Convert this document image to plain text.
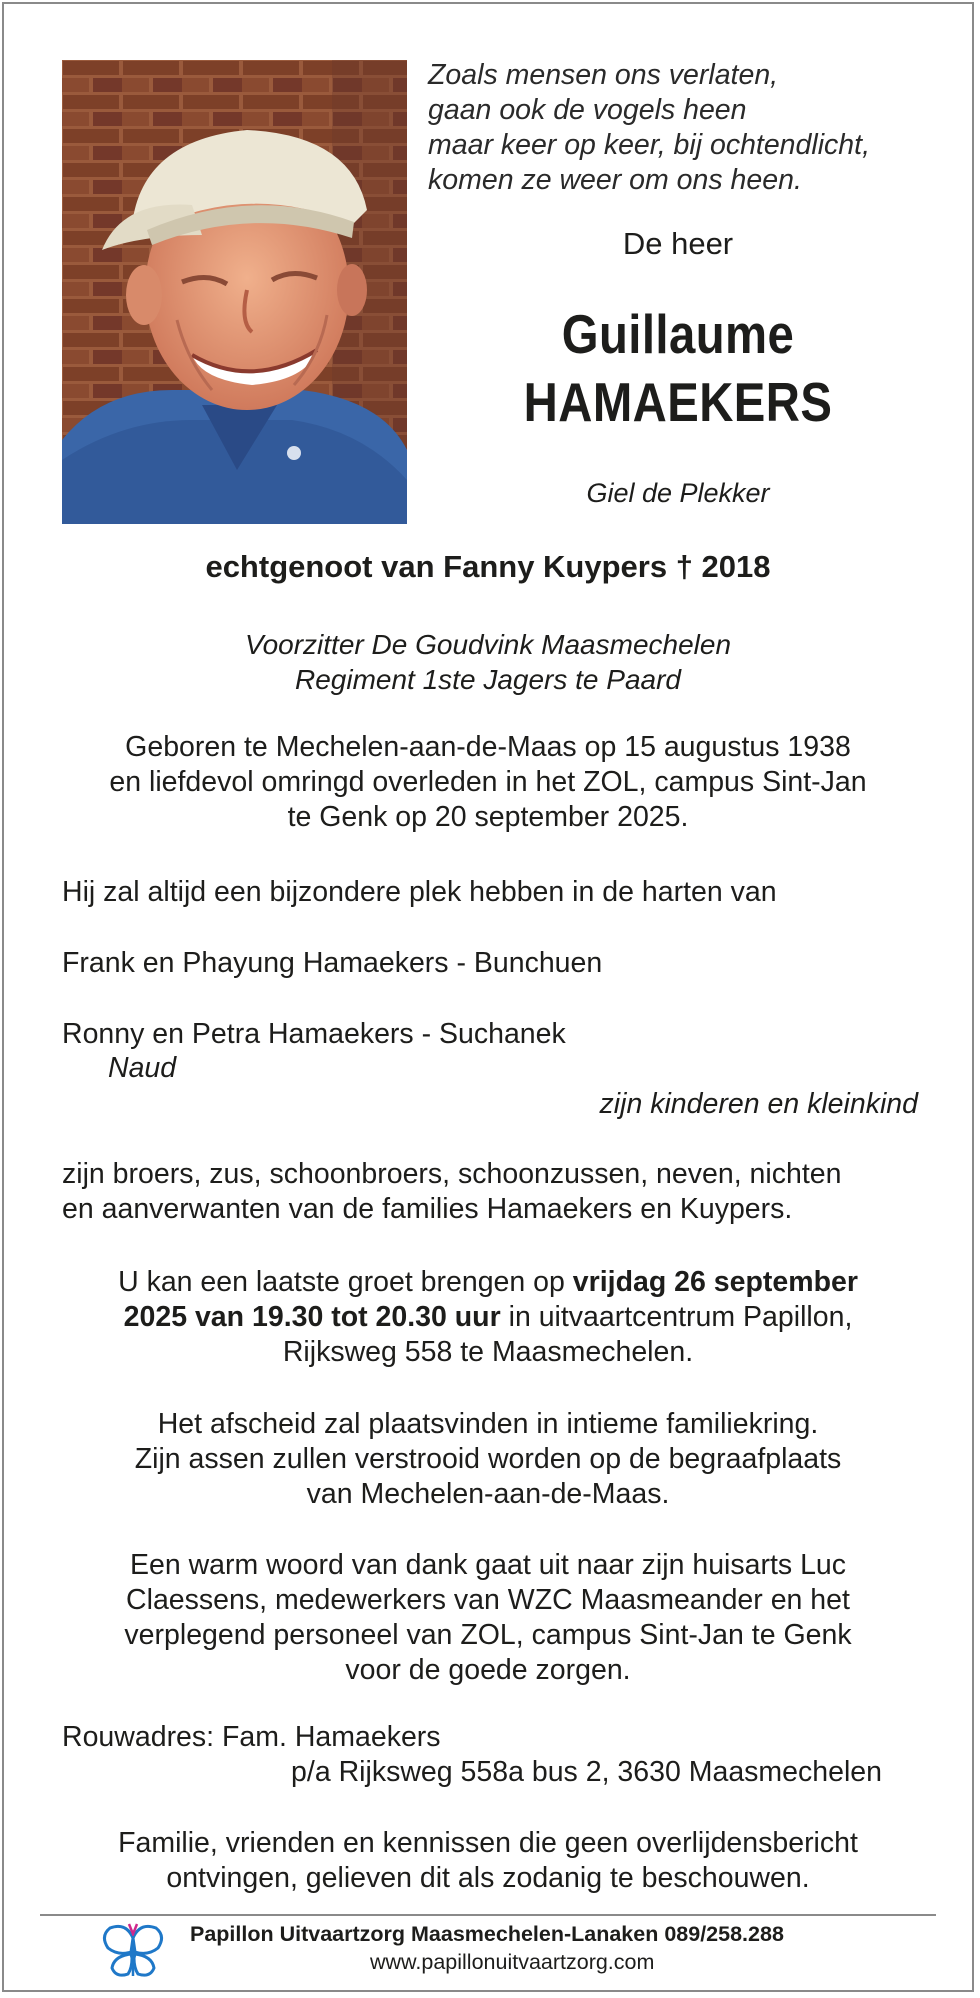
Zoals mensen ons verlaten,
gaan ook de vogels heen
maar keer op keer, bij ochtendlicht,
komen ze weer om ons heen.
De heer
Guillaume
HAMAEKERS
Giel de Plekker
echtgenoot van Fanny Kuypers † 2018
Voorzitter De Goudvink Maasmechelen
Regiment 1ste Jagers te Paard
Geboren te Mechelen-aan-de-Maas op 15 augustus 1938
en liefdevol omringd overleden in het ZOL, campus Sint-Jan
te Genk op 20 september 2025.
Hij zal altijd een bijzondere plek hebben in de harten van
Frank en Phayung Hamaekers - Bunchuen
Ronny en Petra Hamaekers - Suchanek
Naud
zijn kinderen en kleinkind
zijn broers, zus, schoonbroers, schoonzussen, neven, nichten
en aanverwanten van de families Hamaekers en Kuypers.
U kan een laatste groet brengen op vrijdag 26 september
2025 van 19.30 tot 20.30 uur in uitvaartcentrum Papillon,
Rijksweg 558 te Maasmechelen.
Het afscheid zal plaatsvinden in intieme familiekring.
Zijn assen zullen verstrooid worden op de begraafplaats
van Mechelen-aan-de-Maas.
Een warm woord van dank gaat uit naar zijn huisarts Luc
Claessens, medewerkers van WZC Maasmeander en het
verplegend personeel van ZOL, campus Sint-Jan te Genk
voor de goede zorgen.
Rouwadres: Fam. Hamaekers
p/a Rijksweg 558a bus 2, 3630 Maasmechelen
Familie, vrienden en kennissen die geen overlijdensbericht
ontvingen, gelieven dit als zodanig te beschouwen.
Papillon Uitvaartzorg Maasmechelen-Lanaken 089/258.288
www.papillonuitvaartzorg.com
